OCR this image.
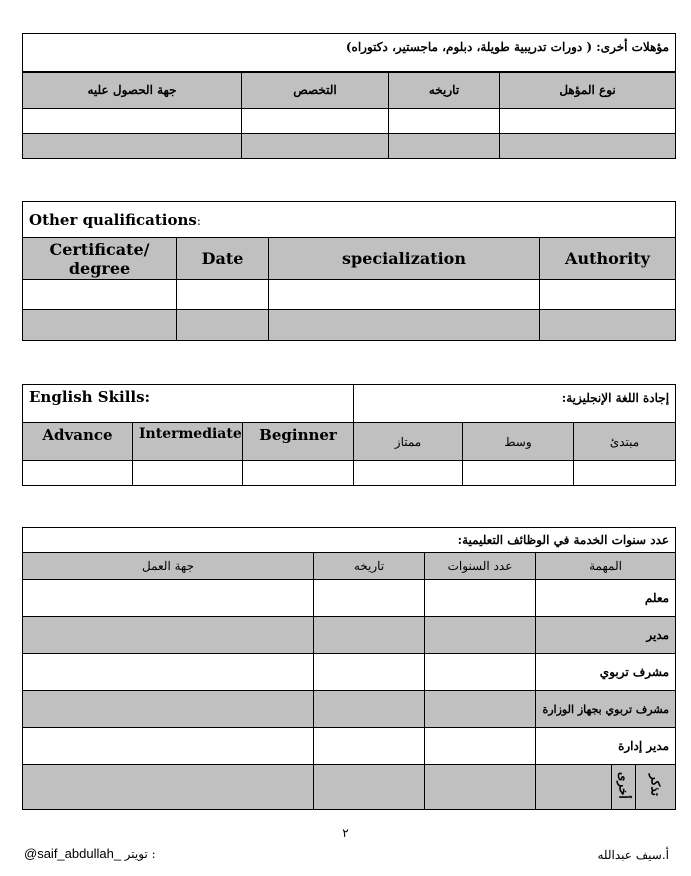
مؤهلات أخرى: ( دورات تدريبية طويلة، دبلوم، ماجستير، دكتوراه)			
جهة الحصول عليه	التخصص	تاريخه	نوع المؤهل

Other qualifications:			
Certificate/ degree	Date	specialization	Authority

English Skills:			إجادة اللغة الإنجليزية:		
Advance	Intermediate	Beginner	ممتاز	وسط	مبتدئ

عدد سنوات الخدمة في الوظائف التعليمية:					
جهة العمل	تاريخه	عدد السنوات	المهمة		
			معلم		
			مدير		
			مشرف تربوي		
			مشرف تربوي بجهاز الوزارة		
			مدير إدارة		
				أخرى	تذكر
٢
@saif_abdullah_ تويتر :	أ.سيف عبدالله
